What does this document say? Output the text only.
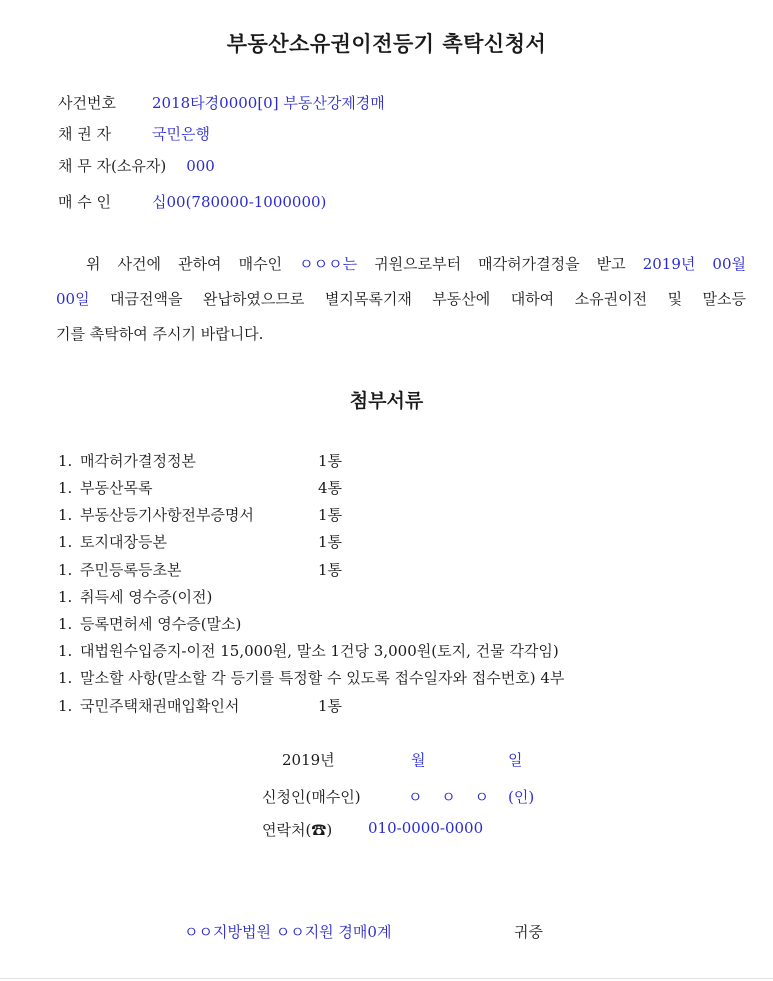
부동산소유권이전등기 촉탁신청서
사건번호 2018타경0000[0] 부동산강제경매
채 권 자	국민은행
채 무 자(소유자) 000
매 수 인	십00(780000-1000000)
위 사건에 관하여 매수인 ㅇㅇㅇ는 귀원으로부터 매각허가결정을 받고 2019년 00월
00일 대금전액을 완납하였으므로 별지목록기재 부동산에 대하여 소유권이전 및 말소등
기를 촉탁하여 주시기 바랍니다.
첨부서류
1. 매각허가결정정본	1통
1. 부동산목록	4통
1. 부동산등기사항전부증명서	1통
1. 토지대장등본	1통
1. 주민등록등초본	1통
1. 취득세 영수증(이전)
1. 등록면허세 영수증(말소)
1. 대법원수입증지-이전 15,000원, 말소 1건당 3,000원(토지, 건물 각각임)
1. 말소할 사항(말소할 각 등기를 특정할 수 있도록 접수일자와 접수번호) 4부
1. 국민주택채권매입확인서	1통
2019년	월	일
신청인(매수인)	ㅇ ㅇ ㅇ (인)
연락처(☎) 010-0000-0000
ㅇㅇ지방법원 ㅇㅇ지원 경매0계	귀중
